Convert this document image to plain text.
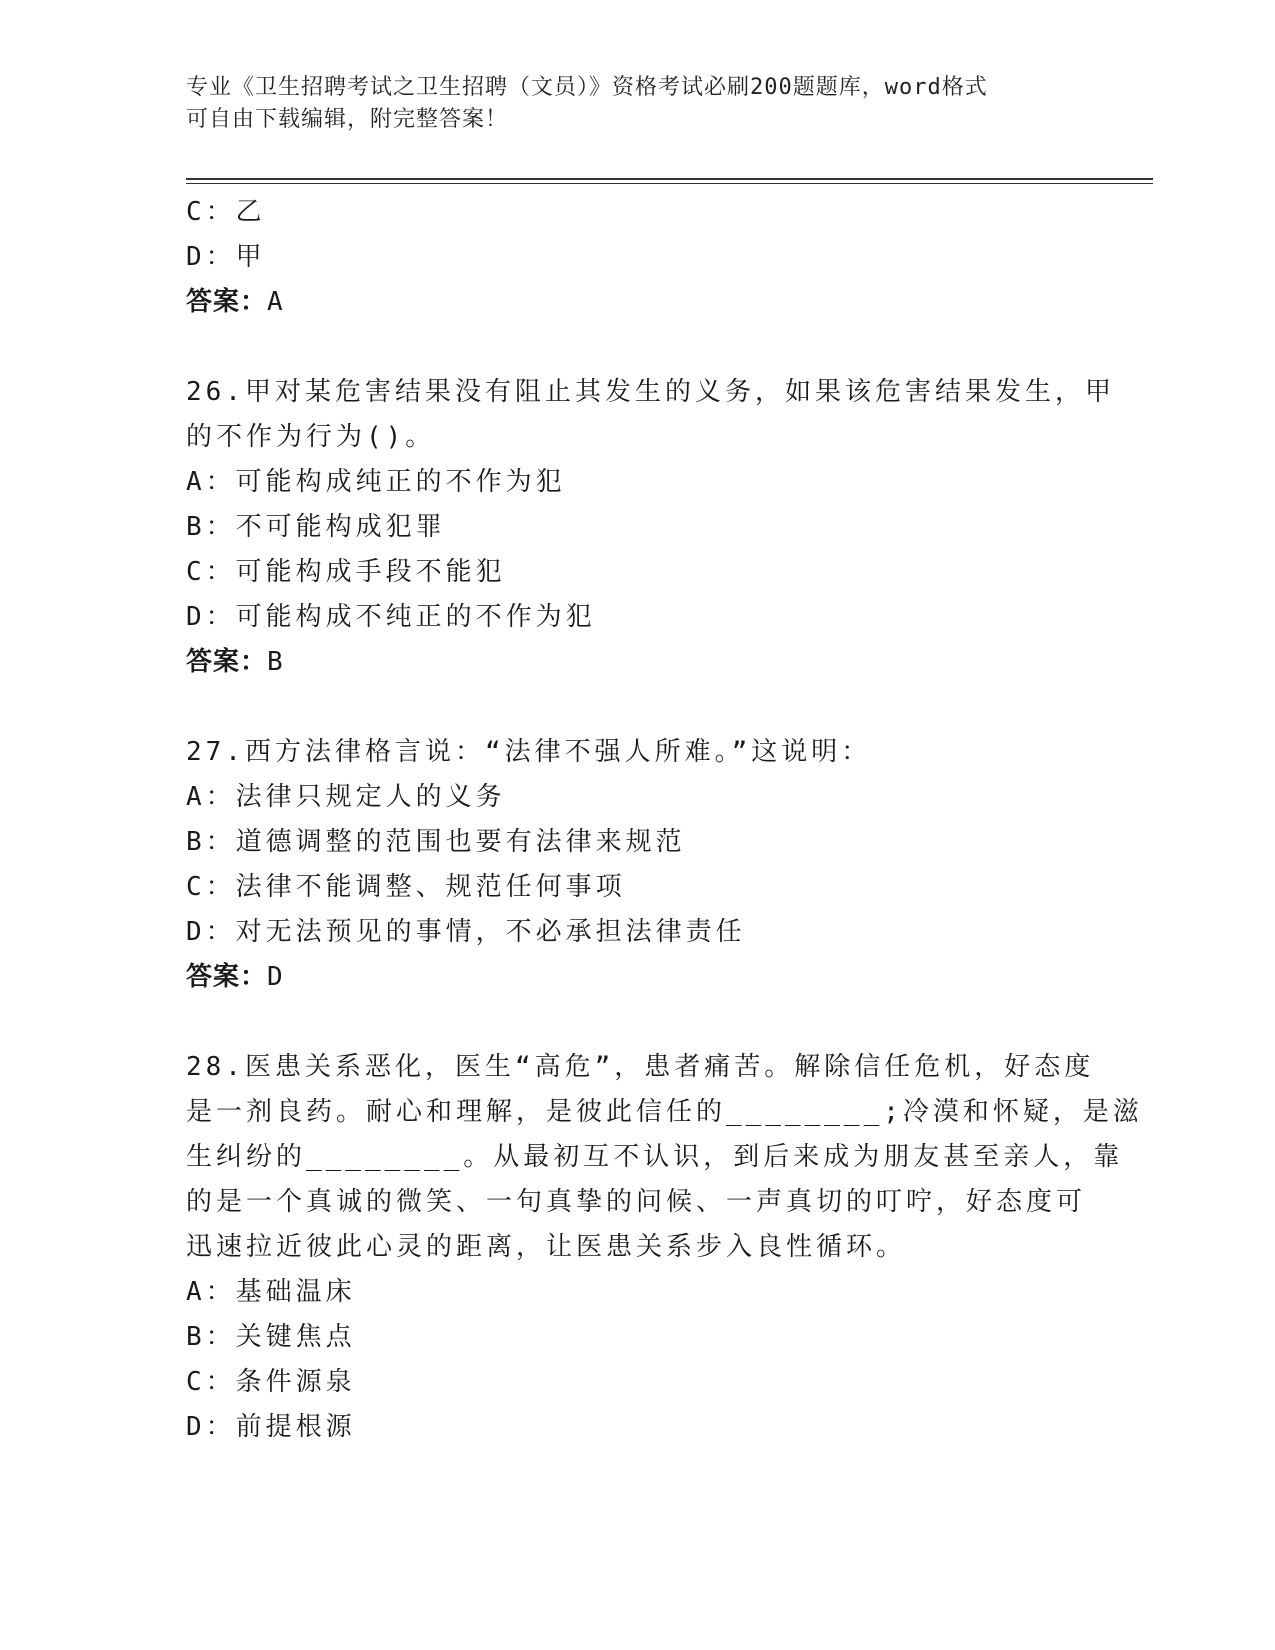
专业《卫生招聘考试之卫生招聘（文员）》资格考试必刷200题题库，word格式
可自由下载编辑，附完整答案！
C：乙
D：甲
答案：A
26.甲对某危害结果没有阻止其发生的义务，如果该危害结果发生，甲
的不作为行为()。
A：可能构成纯正的不作为犯
B：不可能构成犯罪
C：可能构成手段不能犯
D：可能构成不纯正的不作为犯
答案：B
27.西方法律格言说：“法律不强人所难。”这说明：
A：法律只规定人的义务
B：道德调整的范围也要有法律来规范
C：法律不能调整、规范任何事项
D：对无法预见的事情，不必承担法律责任
答案：D
28.医患关系恶化，医生“高危”，患者痛苦。解除信任危机，好态度
是一剂良药。耐心和理解，是彼此信任的________;冷漠和怀疑，是滋
生纠纷的________。从最初互不认识，到后来成为朋友甚至亲人，靠
的是一个真诚的微笑、一句真挚的问候、一声真切的叮咛，好态度可
迅速拉近彼此心灵的距离，让医患关系步入良性循环。
A：基础温床
B：关键焦点
C：条件源泉
D：前提根源
